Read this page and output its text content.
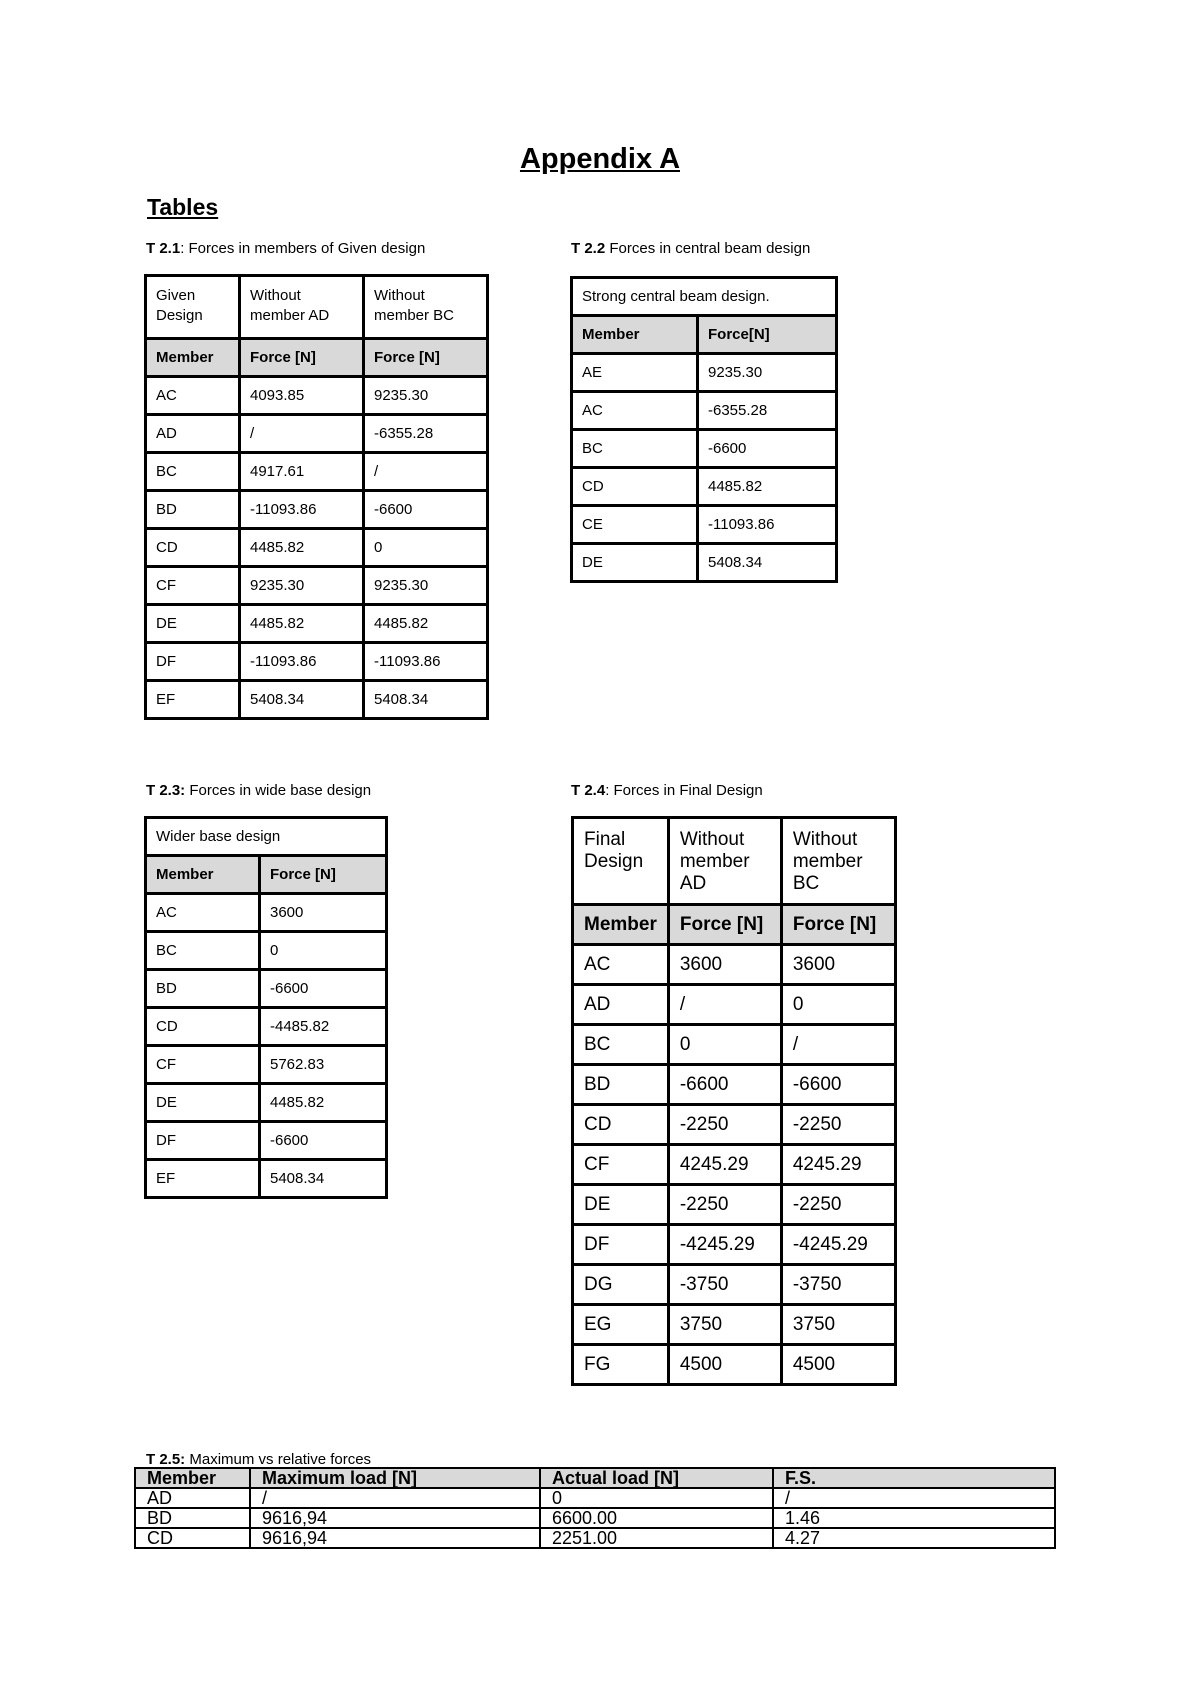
Appendix A
Tables
T 2.1: Forces in members of Given design	T 2.2 Forces in central beam design
T 2.3: Forces in wide base design	T 2.4: Forces in Final Design
T 2.5: Maximum vs relative forces
Given Design	Without member AD	Without member BC
Member	Force [N]	Force [N]
AC	4093.85	9235.30
AD	/	-6355.28
BC	4917.61	/
BD	-11093.86	-6600
CD	4485.82	0
CF	9235.30	9235.30
DE	4485.82	4485.82
DF	-11093.86	-11093.86
EF	5408.34	5408.34
Strong central beam design.	
Member	Force[N]
AE	9235.30
AC	-6355.28
BC	-6600
CD	4485.82
CE	-11093.86
DE	5408.34
Wider base design	
Member	Force [N]
AC	3600
BC	0
BD	-6600
CD	-4485.82
CF	5762.83
DE	4485.82
DF	-6600
EF	5408.34
Final Design	Without member AD	Without member BC
Member	Force [N]	Force [N]
AC	3600	3600
AD	/	0
BC	0	/
BD	-6600	-6600
CD	-2250	-2250
CF	4245.29	4245.29
DE	-2250	-2250
DF	-4245.29	-4245.29
DG	-3750	-3750
EG	3750	3750
FG	4500	4500
Member	Maximum load [N]	Actual load [N]	F.S.
AD	/	0	/
BD	9616,94	6600.00	1.46
CD	9616,94	2251.00	4.27
